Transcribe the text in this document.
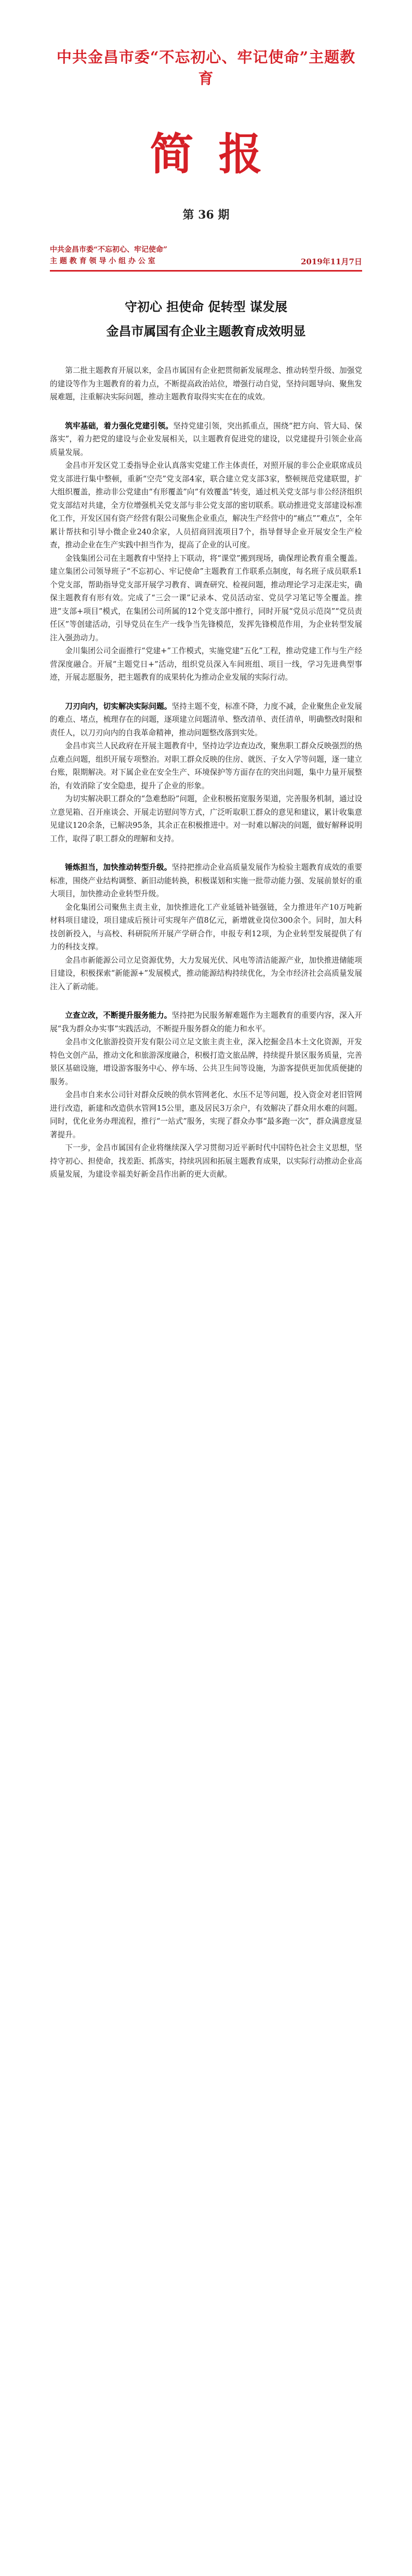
中共金昌市委“不忘初心、牢记使命”主题教育
简报
第 36 期
中共金昌市委“不忘初心、牢记使命”
主 题 教 育 领 导 小 组 办 公 室	2019年11月7日
守初心 担使命 促转型 谋发展
金昌市属国有企业主题教育成效明显

第二批主题教育开展以来，金昌市属国有企业把贯彻新发展理念、推动转型升级、加强党的建设等作为主题教育的着力点，不断提高政治站位，增强行动自觉，坚持问题导向、聚焦发展难题，注重解决实际问题，推动主题教育取得实实在在的成效。

筑牢基础，着力强化党建引领。坚持党建引领，突出抓重点，围绕“把方向、管大局、保落实”，着力把党的建设与企业发展相关，以主题教育促进党的建设，以党建提升引领企业高质量发展。

金昌市开发区党工委指导企业认真落实党建工作主体责任，对照开展的非公企业联席成员党支部进行集中整顿，重新“空壳”党支部4家，联合建立党支部3家，整顿规范党建联盟，扩大组织覆盖，推动非公党建由“有形覆盖”向“有效覆盖”转变，通过机关党支部与非公经济组织党支部结对共建，全方位增强机关党支部与非公党支部的密切联系。联动推进党支部建设标准化工作，开发区国有资产经营有限公司聚焦企业重点，解决生产经营中的“痛点”“难点”，全年累计帮扶和引导小微企业240余家，人员招商回流项目7个，指导督导企业开展安全生产检查，推动企业在生产实践中担当作为，提高了企业的认可度。

金钱集团公司在主题教育中坚持上下联动，将“课堂”搬到现场，确保理论教育重全覆盖。建立集团公司领导班子“不忘初心、牢记使命”主题教育工作联系点制度，每名班子成员联系1个党支部，帮助指导党支部开展学习教育、调查研究、检视问题，推动理论学习走深走实，确保主题教育有形有效。完成了“三会一课”记录本、党员活动室、党员学习笔记等全覆盖。推进“支部+项目”模式，在集团公司所属的12个党支部中推行，同时开展“党员示范岗”“党员责任区”等创建活动，引导党员在生产一线争当先锋模范，发挥先锋模范作用，为企业转型发展注入强劲动力。

金川集团公司全面推行“党建+”工作模式，实施党建“五化”工程，推动党建工作与生产经营深度融合。开展“主题党日+”活动，组织党员深入车间班组、项目一线，学习先进典型事迹，开展志愿服务，把主题教育的成果转化为推动企业发展的实际行动。

刀刃向内，切实解决实际问题。坚持主题不变，标准不降，力度不减，企业聚焦企业发展的难点、堵点，梳理存在的问题，逐项建立问题清单、整改清单、责任清单，明确整改时限和责任人，以刀刃向内的自我革命精神，推动问题整改落到实处。

金昌市宾兰人民政府在开展主题教育中，坚持边学边查边改，聚焦职工群众反映强烈的热点难点问题，组织开展专项整治。对职工群众反映的住房、就医、子女入学等问题，逐一建立台账，限期解决。对下属企业在安全生产、环境保护等方面存在的突出问题，集中力量开展整治，有效消除了安全隐患，提升了企业的形象。

为切实解决职工群众的“急难愁盼”问题，企业积极拓宽服务渠道，完善服务机制，通过设立意见箱、召开座谈会、开展走访慰问等方式，广泛听取职工群众的意见和建议，累计收集意见建议120余条，已解决95条，其余正在积极推进中。对一时难以解决的问题，做好解释说明工作，取得了职工群众的理解和支持。

锤炼担当，加快推动转型升级。坚持把推动企业高质量发展作为检验主题教育成效的重要标准，围绕产业结构调整、新旧动能转换，积极谋划和实施一批带动能力强、发展前景好的重大项目，加快推动企业转型升级。

金化集团公司聚焦主责主业，加快推进化工产业延链补链强链，全力推进年产10万吨新材料项目建设，项目建成后预计可实现年产值8亿元，新增就业岗位300余个。同时，加大科技创新投入，与高校、科研院所开展产学研合作，申报专利12项，为企业转型发展提供了有力的科技支撑。

金昌市新能源公司立足资源优势，大力发展光伏、风电等清洁能源产业，加快推进储能项目建设，积极探索“新能源+”发展模式，推动能源结构持续优化，为全市经济社会高质量发展注入了新动能。

立查立改，不断提升服务能力。坚持把为民服务解难题作为主题教育的重要内容，深入开展“我为群众办实事”实践活动，不断提升服务群众的能力和水平。

金昌市文化旅游投资开发有限公司立足文旅主责主业，深入挖掘金昌本土文化资源，开发特色文创产品，推动文化和旅游深度融合，积极打造文旅品牌，持续提升景区服务质量，完善景区基础设施，增设游客服务中心、停车场、公共卫生间等设施，为游客提供更加优质便捷的服务。

金昌市自来水公司针对群众反映的供水管网老化、水压不足等问题，投入资金对老旧管网进行改造，新建和改造供水管网15公里，惠及居民3万余户，有效解决了群众用水难的问题。同时，优化业务办理流程，推行“一站式”服务，实现了群众办事“最多跑一次”，群众满意度显著提升。

下一步，金昌市属国有企业将继续深入学习贯彻习近平新时代中国特色社会主义思想，坚持守初心、担使命，找差距、抓落实，持续巩固和拓展主题教育成果，以实际行动推动企业高质量发展，为建设幸福美好新金昌作出新的更大贡献。
